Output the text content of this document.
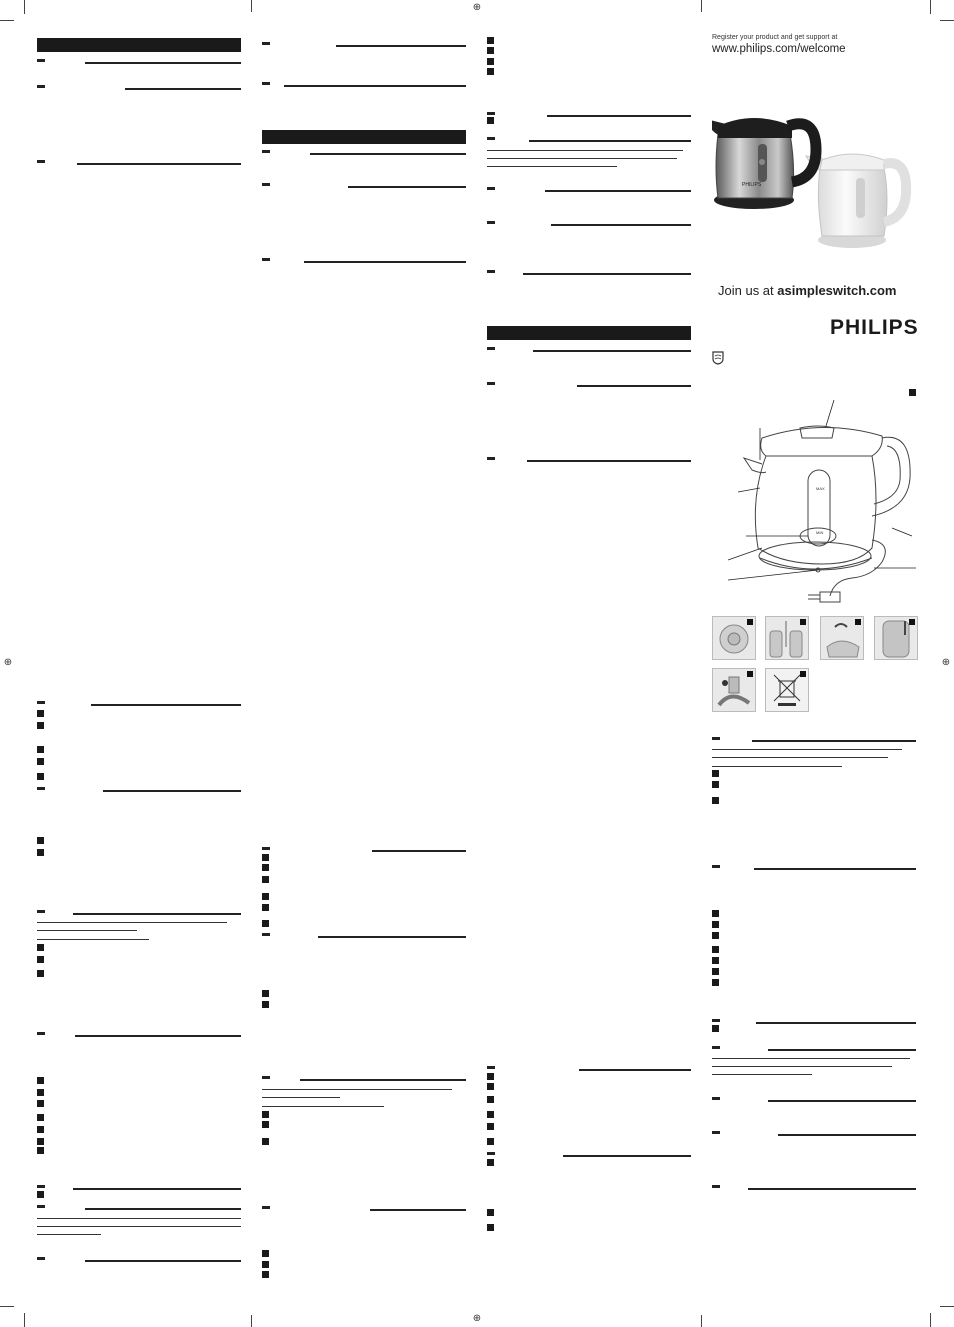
⊕
⊕
⊕	⊕
Register your product and get support at
www.philips.com/welcome
PHILIPS
Join us at asimpleswitch.com
PHILIPS
MAX
MIN
